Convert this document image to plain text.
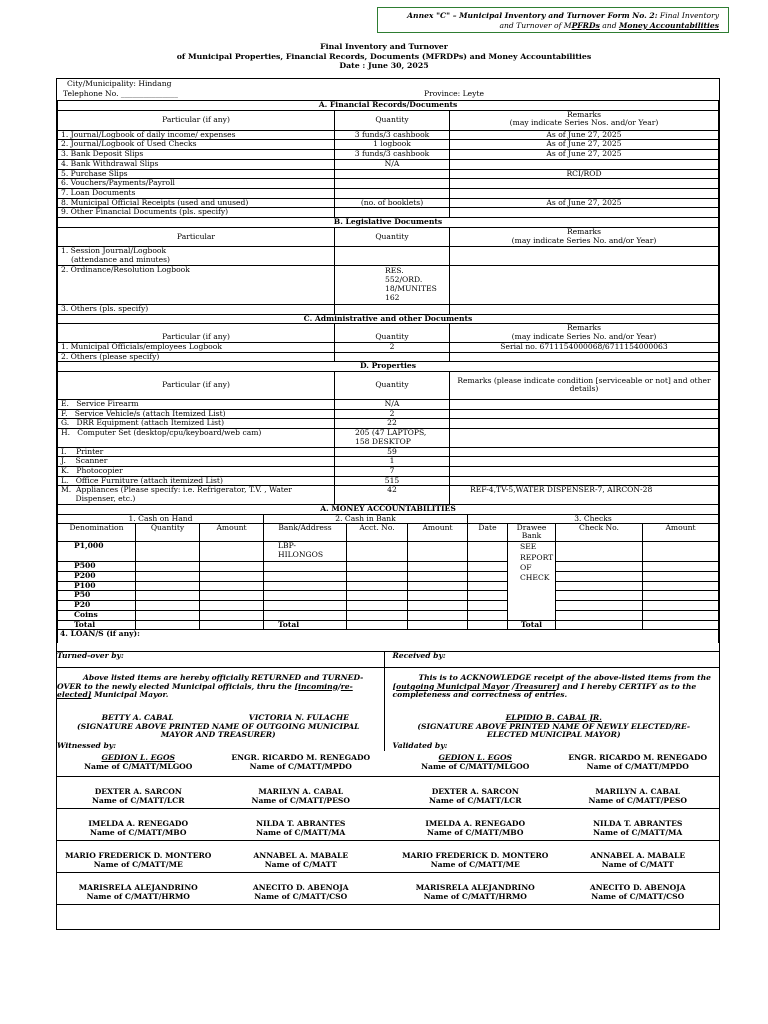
Annex "C" – Municipal Inventory and Turnover Form No. 2: Final Inventory
and Turnover of MPFRDs and Money Accountabilities
Final Inventory and Turnover
of Municipal Properties, Financial Records, Documents (MFRDPs) and Money Accountabilities
Date : June 30, 2025
City/Municipality: Hindang
Telephone No. _______________	Province: Leyte
A. Financial Records/Documents		
Particular (if any)	Quantity	Remarks
(may indicate Series Nos. and/or Year)

1. Journal/Logbook of daily income/ expenses	3 funds/3 cashbook	As of June 27, 2025
2. Journal/Logbook of Used Checks	1 logbook	As of June 27, 2025
3. Bank Deposit Slips	3 funds/3 cashbook	As of June 27, 2025
4. Bank Withdrawal Slips	N/A	
5. Purchase Slips		RCI/ROD
6. Vouchers/Payments/Payroll		
7. Loan Documents		
8. Municipal Official Receipts (used and unused)	(no. of booklets)	As of June 27, 2025
9. Other Financial Documents (pls. specify)		
B. Legislative Documents		
Particular	Quantity	Remarks
(may indicate Series No. and/or Year)

1. Session Journal/Logbook
(attendance and minutes)		

2. Ordinance/Resolution Logbook	RES.
552/ORD.
18/MUNITES
162	

3. Others (pls. specify)		
C. Administrative and other Documents		
Particular (if any)	Quantity	Remarks
(may indicate Series No. and/or Year)

1. Municipal Officials/employees Logbook	2	Serial no. 6711154000068/6711154000063
2. Others (please specify)		
D. Properties		
Particular (if any)	Quantity	Remarks (please indicate condition [serviceable or not] and other details)
E.   Service Firearm	N/A	
F.   Service Vehicle/s (attach Itemized List)	2	
G.   DRR Equipment (attach Itemized List)	22	
H.   Computer Set (desktop/cpu/keyboard/web cam)	205 (47 LAPTOPS,
158 DESKTOP	
I.    Printer	59	
J.    Scanner	1	
K.   Photocopier	7	
L.   Office Furniture (attach itemized List)	515	
M.  Appliances (Please specify: i.e. Refrigerator, T.V. , Water
Dispenser, etc.)	42	REF-4,TV-5,WATER DISPENSER-7, AIRCON-28
A. MONEY ACCOUNTABILITIES									
1. Cash on Hand			2. Cash in Bank			3. Checks			
Denomination	Quantity	Amount	Bank/Address	Acct. No.	Amount	Date	Drawee Bank	Check No.	Amount
P1,000			LBP-
HILONGOS				SEE
REPORT
OF
CHECK		
P500									
P200									
P100									
P50									
P20									
Coins									
Total			Total				Total		
4. LOAN/S (if any):									
Turned-over by:	Received by:
Above listed items are hereby officially RETURNED and TURNED-
OVER to the newly elected Municipal officials, thru the [incoming/re-
elected] Municipal Mayor.
BETTY A. CABAL	VICTORIA N. FULACHE
(SIGNATURE ABOVE PRINTED NAME OF OUTGOING MUNICIPAL MAYOR AND TREASURER)
Witnessed by:
This is to ACKNOWLEDGE receipt of the above-listed items from the
[outgoing Municipal Mayor /Treasurer] and I hereby CERTIFY as to the
completeness and correctness of entries.
ELPIDIO B. CABAL JR.
(SIGNATURE ABOVE PRINTED NAME OF NEWLY ELECTED/RE-ELECTED MUNICIPAL MAYOR)
Validated by:
GEDION L. EGOS
Name of C/MATT/MLGOO
ENGR. RICARDO M. RENEGADO
Name of C/MATT/MPDO
GEDION L. EGOS
Name of C/MATT/MLGOO
ENGR. RICARDO M. RENEGADO
Name of C/MATT/MPDO
DEXTER A. SARCON
Name of C/MATT/LCR
MARILYN A. CABAL
Name of C/MATT/PESO
DEXTER A. SARCON
Name of C/MATT/LCR
MARILYN A. CABAL
Name of C/MATT/PESO
IMELDA A. RENEGADO
Name of C/MATT/MBO
NILDA T. ABRANTES
Name of C/MATT/MA
IMELDA A. RENEGADO
Name of C/MATT/MBO
NILDA T. ABRANTES
Name of C/MATT/MA
MARIO FREDERICK D. MONTERO
Name of C/MATT/ME
ANNABEL A. MABALE
Name of C/MATT
MARIO FREDERICK D. MONTERO
Name of C/MATT/ME
ANNABEL A. MABALE
Name of C/MATT
MARISRELA ALEJANDRINO
Name of C/MATT/HRMO
ANECITO D. ABENOJA
Name of C/MATT/CSO
MARISRELA ALEJANDRINO
Name of C/MATT/HRMO
ANECITO D. ABENOJA
Name of C/MATT/CSO
